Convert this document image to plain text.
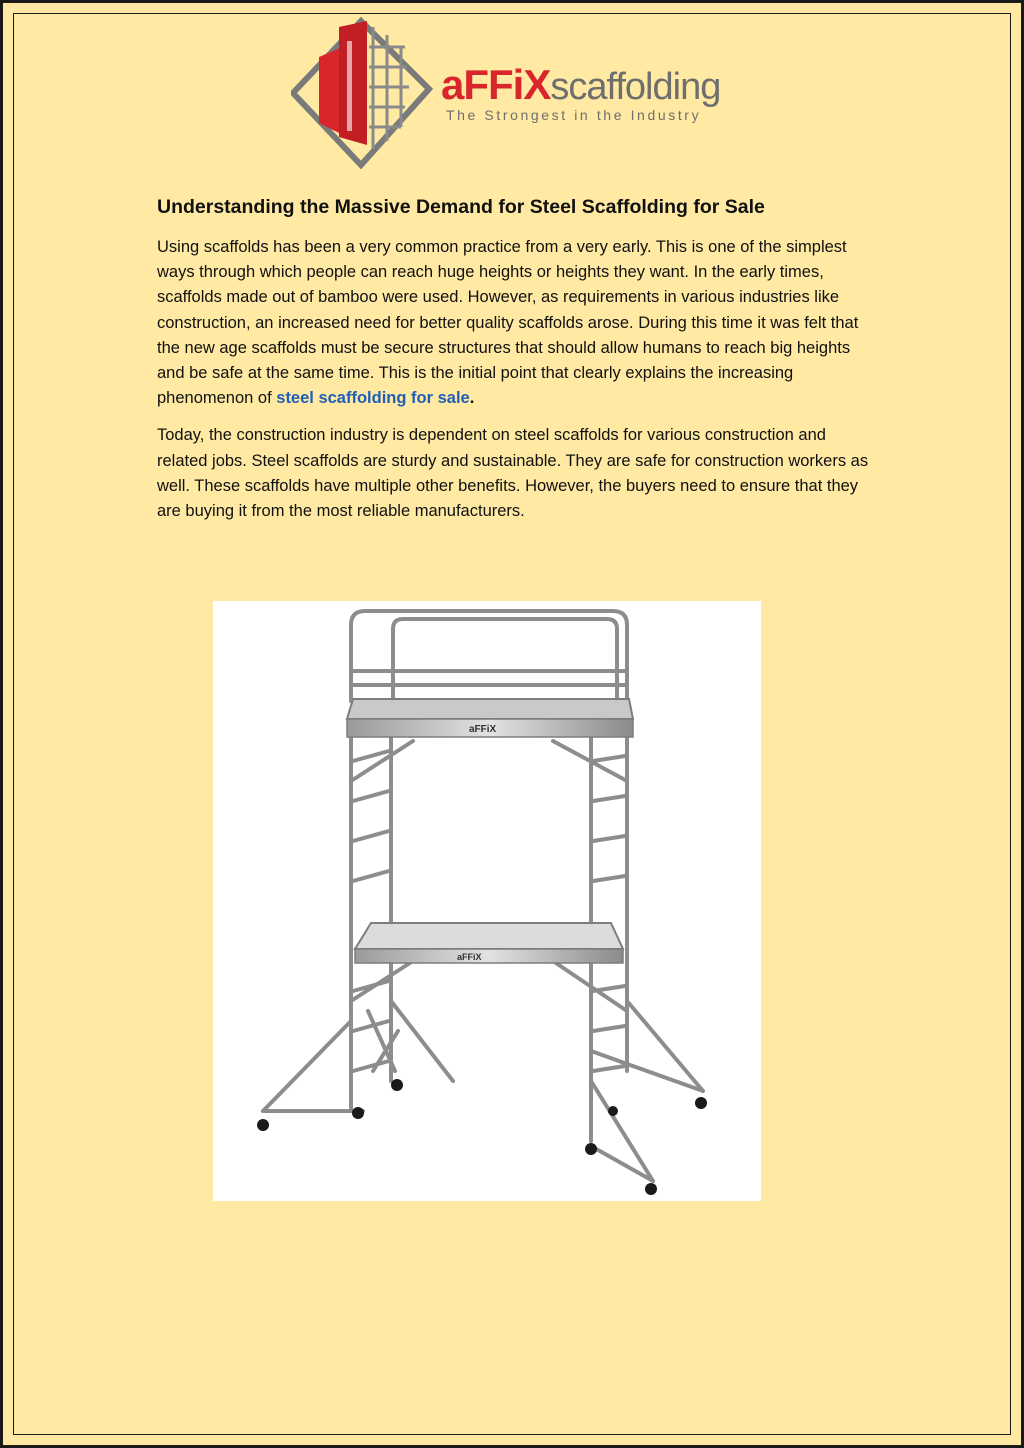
aFFiXscaffolding
The Strongest in the Industry
Understanding the Massive Demand for Steel Scaffolding for Sale

Using scaffolds has been a very common practice from a very early. This is one of the simplest ways through which people can reach huge heights or heights they want. In the early times, scaffolds made out of bamboo were used. However, as requirements in various industries like construction, an increased need for better quality scaffolds arose. During this time it was felt that the new age scaffolds must be secure structures that should allow humans to reach big heights and be safe at the same time. This is the initial point that clearly explains the increasing phenomenon of steel scaffolding for sale.

Today, the construction industry is dependent on steel scaffolds for various construction and related jobs. Steel scaffolds are sturdy and sustainable. They are safe for construction workers as well. These scaffolds have multiple other benefits. However, the buyers need to ensure that they are buying it from the most reliable manufacturers.

aFFiX
aFFiX
